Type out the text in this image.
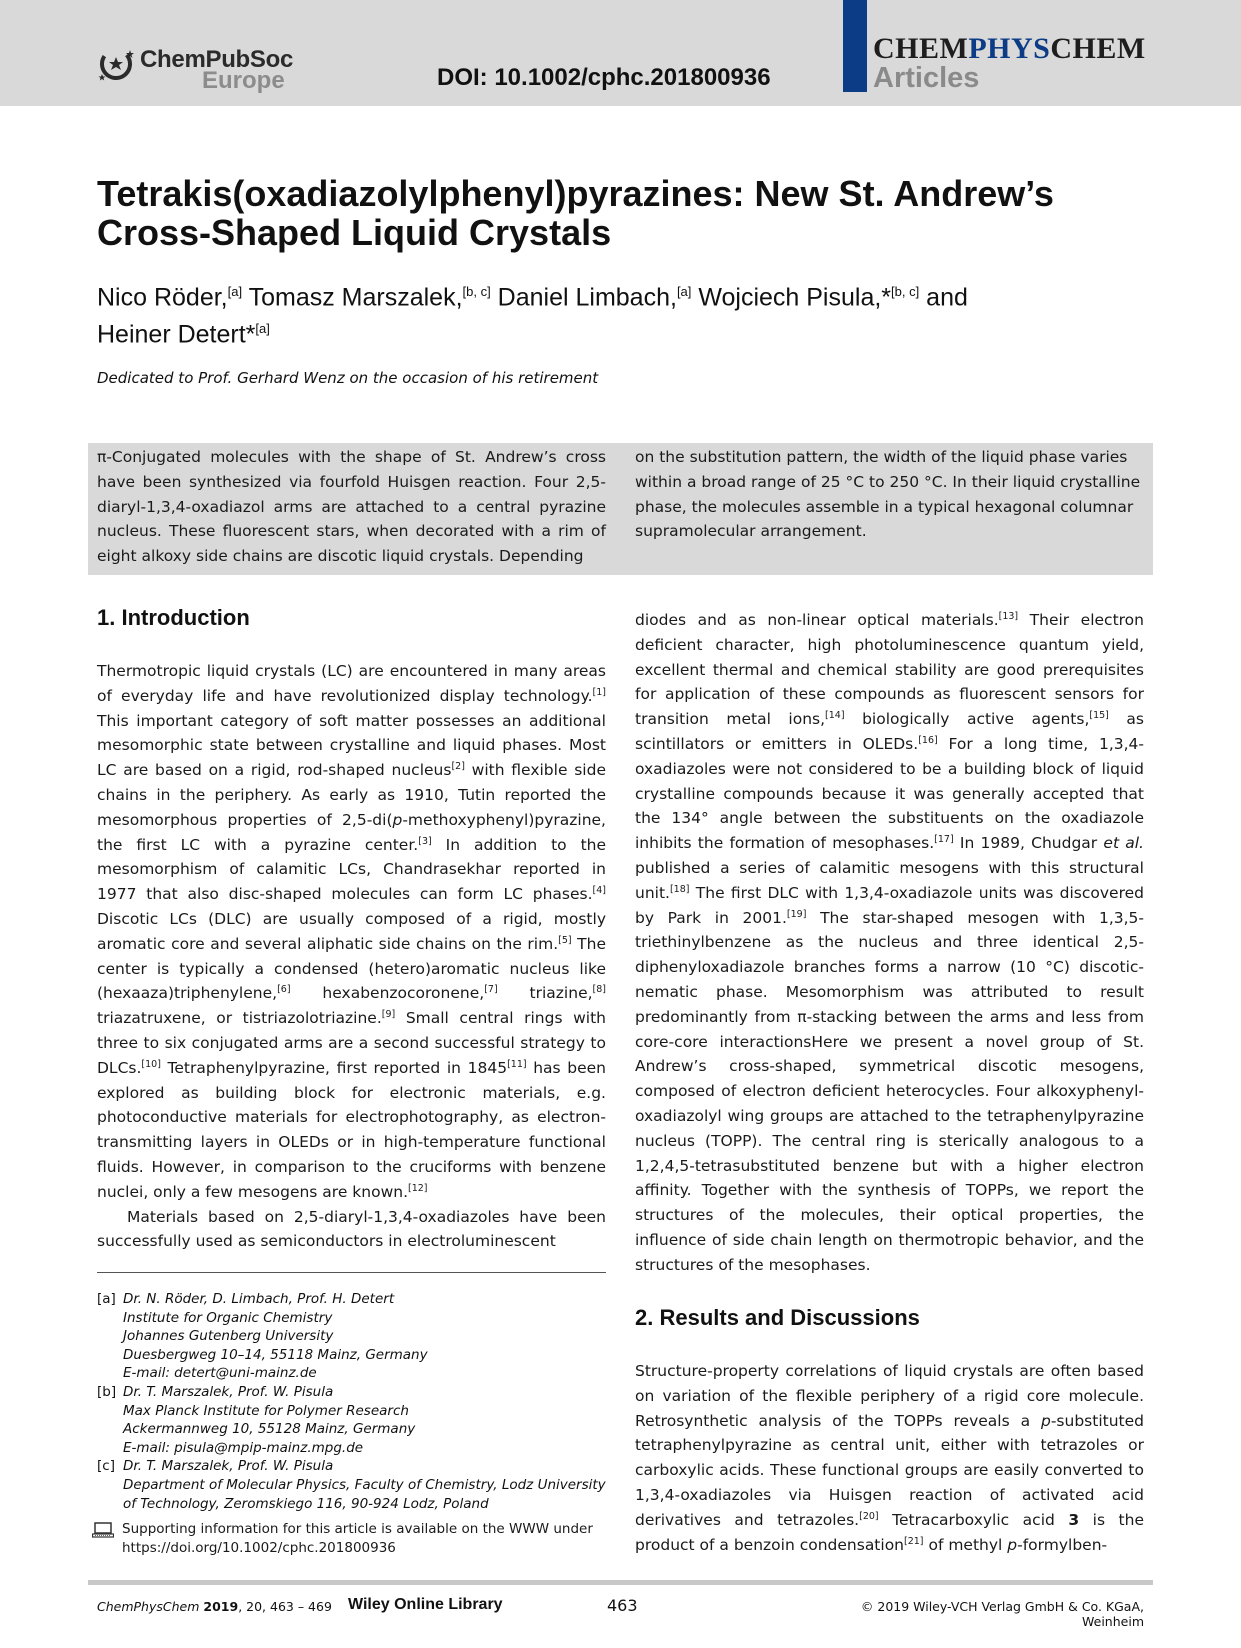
ChemPubSoc
Europe	DOI: 10.1002/cphc.201800936
CHEMPHYSCHEM
Articles
Tetrakis(oxadiazolylphenyl)pyrazines: New St. Andrew’s Cross-Shaped Liquid Crystals
Nico Röder,[a] Tomasz Marszalek,[b, c] Daniel Limbach,[a] Wojciech Pisula,*[b, c] and Heiner Detert*[a]
Dedicated to Prof. Gerhard Wenz on the occasion of his retirement
π-Conjugated molecules with the shape of St. Andrew’s cross have been synthesized via fourfold Huisgen reaction. Four 2,5-diaryl-1,3,4-oxadiazol arms are attached to a central pyrazine nucleus. These fluorescent stars, when decorated with a rim of eight alkoxy side chains are discotic liquid crystals. Depending
on the substitution pattern, the width of the liquid phase varies within a broad range of 25 °C to 250 °C. In their liquid crystalline phase, the molecules assemble in a typical hexagonal columnar supramolecular arrangement.
1. Introduction

Thermotropic liquid crystals (LC) are encountered in many areas of everyday life and have revolutionized display technology.[1] This important category of soft matter possesses an additional mesomorphic state between crystalline and liquid phases. Most LC are based on a rigid, rod-shaped nucleus[2] with flexible side chains in the periphery. As early as 1910, Tutin reported the mesomorphous properties of 2,5-di(p-methoxyphenyl)pyrazine, the first LC with a pyrazine center.[3] In addition to the mesomorphism of calamitic LCs, Chandrasekhar reported in 1977 that also disc-shaped molecules can form LC phases.[4] Discotic LCs (DLC) are usually composed of a rigid, mostly aromatic core and several aliphatic side chains on the rim.[5] The center is typically a condensed (hetero)aromatic nucleus like (hexaaza)triphenylene,[6] hexabenzocoronene,[7] triazine,[8] triazatruxene, or tistriazolotriazine.[9] Small central rings with three to six conjugated arms are a second successful strategy to DLCs.[10] Tetraphenylpyrazine, first reported in 1845[11] has been explored as building block for electronic materials, e.g. photoconductive materials for electrophotography, as electron-transmitting layers in OLEDs or in high-temperature functional fluids. However, in comparison to the cruciforms with benzene nuclei, only a few mesogens are known.[12]

Materials based on 2,5-diaryl-1,3,4-oxadiazoles have been successfully used as semiconductors in electroluminescent

diodes and as non-linear optical materials.[13] Their electron deficient character, high photoluminescence quantum yield, excellent thermal and chemical stability are good prerequisites for application of these compounds as fluorescent sensors for transition metal ions,[14] biologically active agents,[15] as scintillators or emitters in OLEDs.[16] For a long time, 1,3,4-oxadiazoles were not considered to be a building block of liquid crystalline compounds because it was generally accepted that the 134° angle between the substituents on the oxadiazole inhibits the formation of mesophases.[17] In 1989, Chudgar et al. published a series of calamitic mesogens with this structural unit.[18] The first DLC with 1,3,4-oxadiazole units was discovered by Park in 2001.[19] The star-shaped mesogen with 1,3,5-triethinylbenzene as the nucleus and three identical 2,5-diphenyloxadiazole branches forms a narrow (10 °C) discotic-nematic phase. Mesomorphism was attributed to result predominantly from π-stacking between the arms and less from core-core interactionsHere we present a novel group of St. Andrew’s cross-shaped, symmetrical discotic mesogens, composed of electron deficient heterocycles. Four alkoxyphenyl-oxadiazolyl wing groups are attached to the tetraphenylpyrazine nucleus (TOPP). The central ring is sterically analogous to a 1,2,4,5-tetrasubstituted benzene but with a higher electron affinity. Together with the synthesis of TOPPs, we report the structures of the molecules, their optical properties, the influence of side chain length on thermotropic behavior, and the structures of the mesophases.

2. Results and Discussions

Structure-property correlations of liquid crystals are often based on variation of the flexible periphery of a rigid core molecule. Retrosynthetic analysis of the TOPPs reveals a p-substituted tetraphenylpyrazine as central unit, either with tetrazoles or carboxylic acids. These functional groups are easily converted to 1,3,4-oxadiazoles via Huisgen reaction of activated acid derivatives and tetrazoles.[20] Tetracarboxylic acid 3 is the product of a benzoin condensation[21] of methyl p-formylben-

[a] Dr. N. Röder, D. Limbach, Prof. H. Detert
Institute for Organic Chemistry
Johannes Gutenberg University
Duesbergweg 10–14, 55118 Mainz, Germany
E-mail: detert@uni-mainz.de
[b] Dr. T. Marszalek, Prof. W. Pisula
Max Planck Institute for Polymer Research
Ackermannweg 10, 55128 Mainz, Germany
E-mail: pisula@mpip-mainz.mpg.de
[c] Dr. T. Marszalek, Prof. W. Pisula
Department of Molecular Physics, Faculty of Chemistry, Lodz University of Technology, Zeromskiego 116, 90-924 Lodz, Poland
Supporting information for this article is available on the WWW under https://doi.org/10.1002/cphc.201800936
ChemPhysChem 2019, 20, 463 – 469 Wiley Online Library	463	© 2019 Wiley-VCH Verlag GmbH & Co. KGaA, Weinheim
